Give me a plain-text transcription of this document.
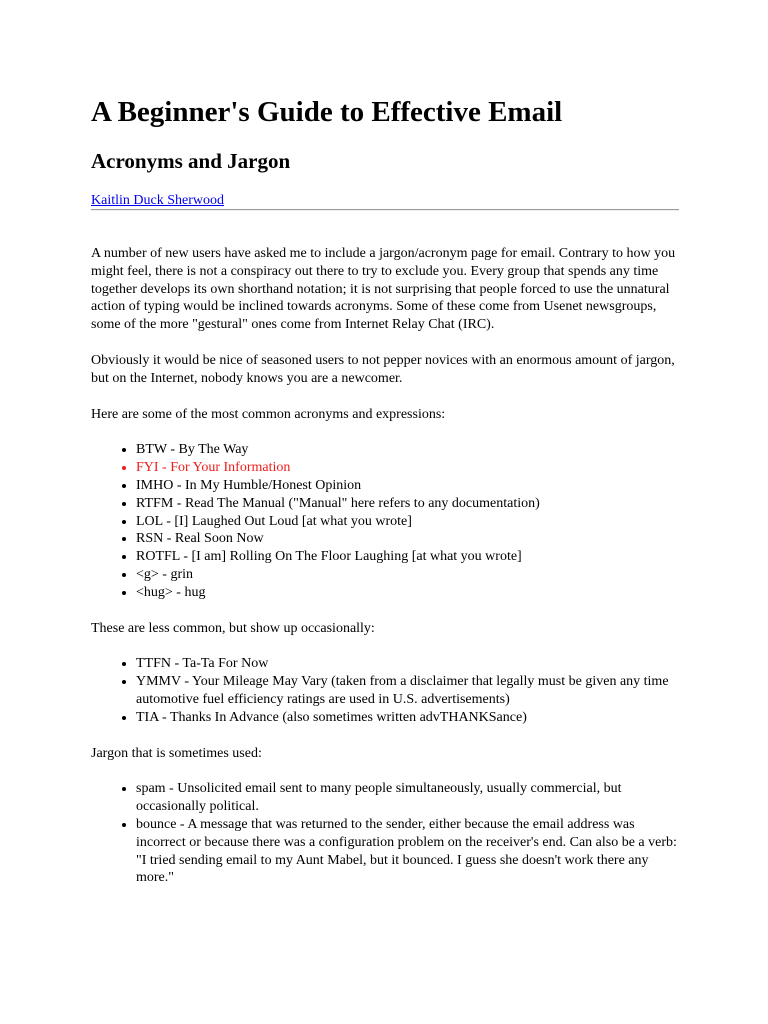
A Beginner's Guide to Effective Email
Acronyms and Jargon
Kaitlin Duck Sherwood

A number of new users have asked me to include a jargon/acronym page for email. Contrary to how you might feel, there is not a conspiracy out there to try to exclude you. Every group that spends any time together develops its own shorthand notation; it is not surprising that people forced to use the unnatural action of typing would be inclined towards acronyms. Some of these come from Usenet newsgroups, some of the more "gestural" ones come from Internet Relay Chat (IRC).

Obviously it would be nice of seasoned users to not pepper novices with an enormous amount of jargon, but on the Internet, nobody knows you are a newcomer.

Here are some of the most common acronyms and expressions:

• BTW - By The Way
• FYI - For Your Information
• IMHO - In My Humble/Honest Opinion
• RTFM - Read The Manual ("Manual" here refers to any documentation)
• LOL - [I] Laughed Out Loud [at what you wrote]
• RSN - Real Soon Now
• ROTFL - [I am] Rolling On The Floor Laughing [at what you wrote]
• <g> - grin
• <hug> - hug

These are less common, but show up occasionally:

• TTFN - Ta-Ta For Now
• YMMV - Your Mileage May Vary (taken from a disclaimer that legally must be given any time automotive fuel efficiency ratings are used in U.S. advertisements)
• TIA - Thanks In Advance (also sometimes written advTHANKSance)

Jargon that is sometimes used:

• spam - Unsolicited email sent to many people simultaneously, usually commercial, but occasionally political.
• bounce - A message that was returned to the sender, either because the email address was incorrect or because there was a configuration problem on the receiver's end. Can also be a verb: "I tried sending email to my Aunt Mabel, but it bounced. I guess she doesn't work there any more."
